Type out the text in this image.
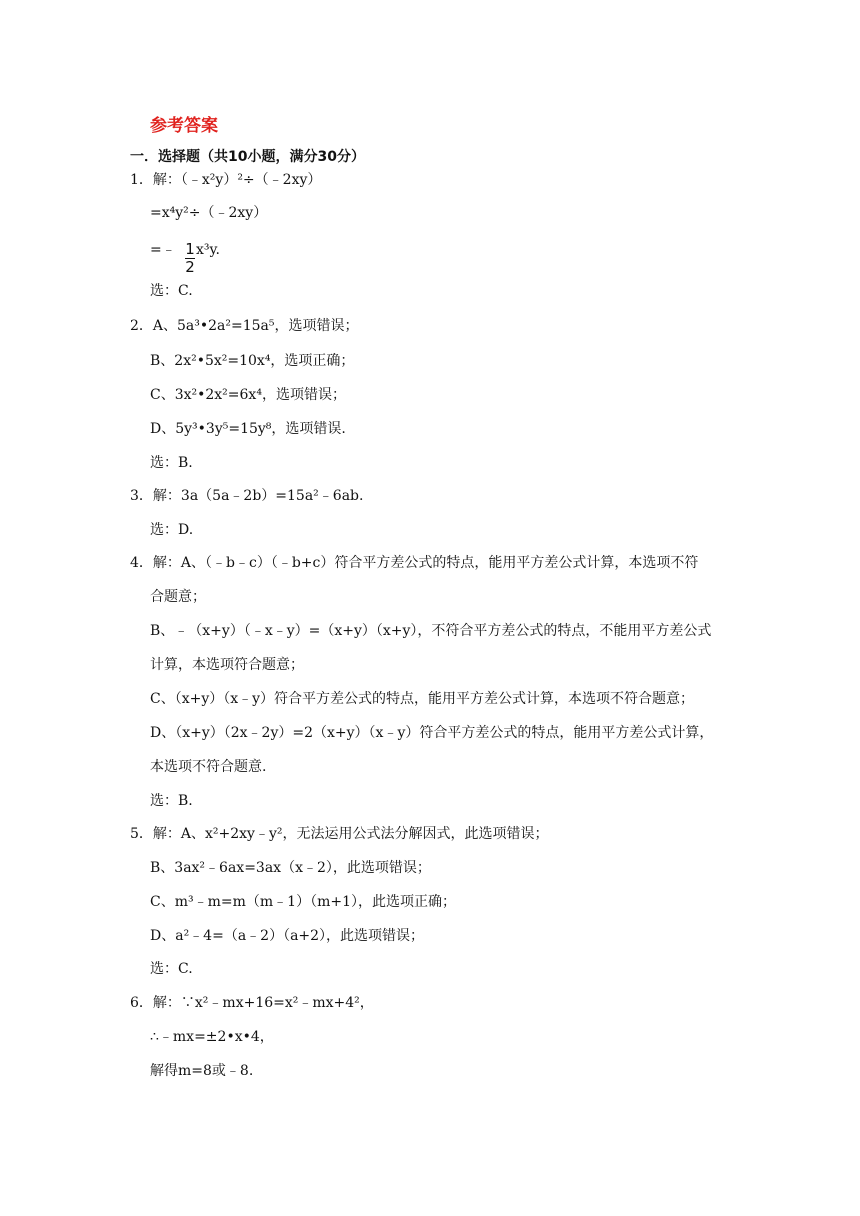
参考答案
一．选择题（共10小题，满分30分）
1
2
1．解：（﹣x²y）²÷（﹣2xy）
=x⁴y²÷（﹣2xy）
=﹣ x³y.
选：C.
2．A、5a³•2a²=15a⁵，选项错误；
B、2x²•5x²=10x⁴，选项正确；
C、3x²•2x²=6x⁴，选项错误；
D、5y³•3y⁵=15y⁸，选项错误.
选：B.
3．解：3a（5a﹣2b）=15a²﹣6ab.
选：D.
4．解：A、（﹣b﹣c）（﹣b+c）符合平方差公式的特点，能用平方差公式计算，本选项不符
合题意；
B、﹣（x+y）（﹣x﹣y）=（x+y）（x+y），不符合平方差公式的特点，不能用平方差公式
计算，本选项符合题意；
C、（x+y）（x﹣y）符合平方差公式的特点，能用平方差公式计算，本选项不符合题意；
D、（x+y）（2x﹣2y）=2（x+y）（x﹣y）符合平方差公式的特点，能用平方差公式计算，
本选项不符合题意.
选：B.
5．解：A、x²+2xy﹣y²，无法运用公式法分解因式，此选项错误；
B、3ax²﹣6ax=3ax（x﹣2），此选项错误；
C、m³﹣m=m（m﹣1）（m+1），此选项正确；
D、a²﹣4=（a﹣2）（a+2），此选项错误；
选：C.
6．解：∵x²﹣mx+16=x²﹣mx+4²，
∴﹣mx=±2•x•4，
解得m=8或﹣8.
